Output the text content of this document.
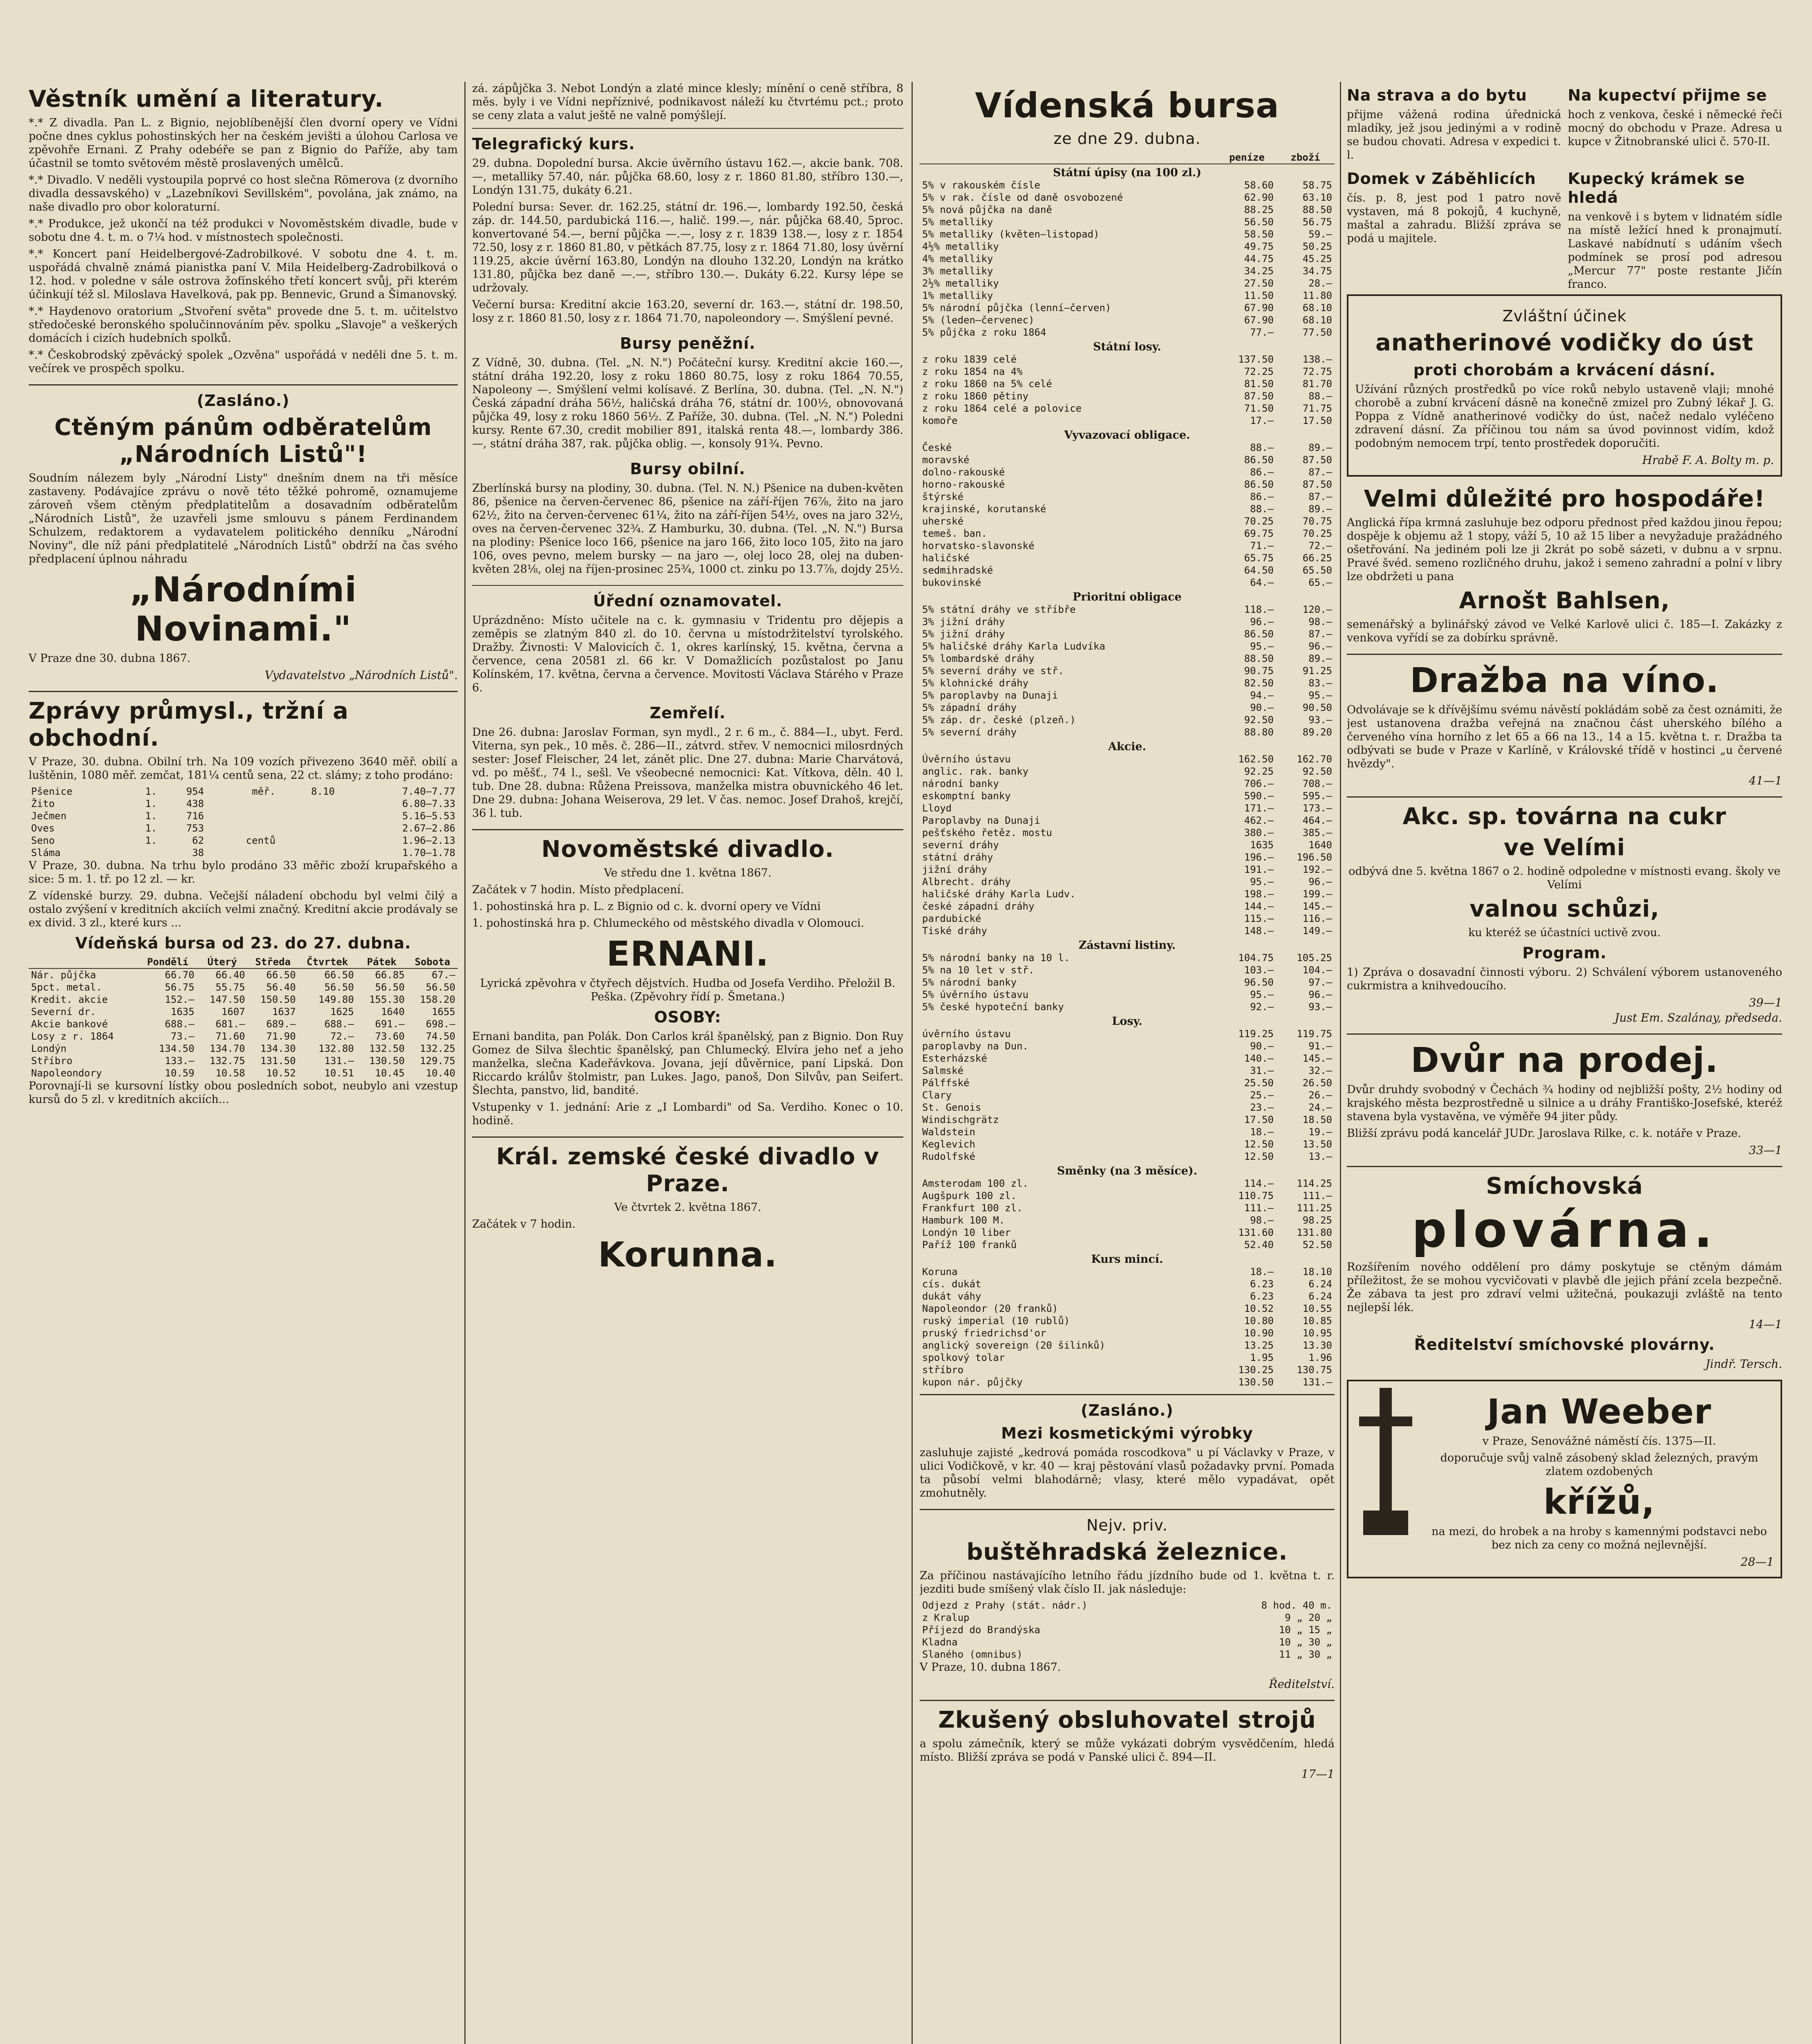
Věstník umění a literatury.

*.* Z divadla. Pan L. z Bignio, nejoblíbenější člen dvorní opery ve Vídni počne dnes cyklus pohostinských her na českém jevišti a úlohou Carlosa ve zpěvohře Ernani. Z Prahy odebéře se pan z Bignio do Paříže, aby tam účastnil se tomto světovém městě proslavených umělců.

*.* Divadlo. V neděli vystoupila poprvé co host slečna Römerova (z dvorního divadla dessavského) v „Lazebníkovi Sevillském", povolána, jak známo, na naše divadlo pro obor koloraturní.

*.* Produkce, jež ukončí na též produkci v Novoměstském divadle, bude v sobotu dne 4. t. m. o 7¼ hod. v místnostech společnosti.

*.* Koncert paní Heidelbergové-Zadrobilkové. V sobotu dne 4. t. m. uspořádá chvalně známá pianistka paní V. Mila Heidelberg-Zadrobilková o 12. hod. v poledne v sále ostrova žofínského třetí koncert svůj, při kterém účinkují též sl. Miloslava Havelková, pak pp. Bennevic, Grund a Šimanovský.

*.* Haydenovo oratorium „Stvoření světa" provede dne 5. t. m. učitelstvo středočeské beronského spolučinnováním pěv. spolku „Slavoje" a veškerých domácích i cizích hudebních spolků.

*.* Českobrodský zpěvácký spolek „Ozvěna" uspořádá v neděli dne 5. t. m. večírek ve prospěch spolku.

(Zasláno.)
Ctěným pánům odběratelům „Národních Listů"!

Soudním nálezem byly „Národní Listy" dnešním dnem na tři měsíce zastaveny. Podávajíce zprávu o nově této těžké pohromě, oznamujeme zároveň všem ctěným předplatitelům a dosavadním odběratelům „Národních Listů", že uzavřeli jsme smlouvu s pánem Ferdinandem Schulzem, redaktorem a vydavatelem politického denníku „Národní Noviny", dle níž páni předplatitelé „Národních Listů" obdrží na čas svého předplacení úplnou náhradu

„Národními Novinami."

V Praze dne 30. dubna 1867.

Vydavatelstvo „Národních Listů".
Zprávy průmysl., tržní a obchodní.

V Praze, 30. dubna. Obilní trh. Na 109 vozích přivezeno 3640 měř. obilí a luštěnin, 1080 měř. zemčat, 181¼ centů sena, 22 ct. slámy; z toho prodáno:

Pšenice	1.	954	měř.	8.10	7.40—7.77
Žito	1.	438			6.80—7.33
Ječmen	1.	716			5.16—5.53
Oves	1.	753			2.67—2.86
Seno	1.	62	centů		1.96—2.13
Sláma		38			1.70—1.78

V Praze, 30. dubna. Na trhu bylo prodáno 33 měřic zboží krupařského a sice: 5 m. 1. tř. po 12 zl. — kr.

Z vídenské burzy. 29. dubna. Večejší náladení obchodu byl velmi čilý a ostalo zvýšení v kreditních akciích velmi značný. Kreditní akcie prodávaly se ex divid. 3 zl., které kurs ...

Vídeňská bursa od 23. do 27. dubna.
	Pondělí	Úterý	Středa	Čtvrtek	Pátek	Sobota
Nár. půjčka	66.70	66.40	66.50	66.50	66.85	67.—
5pct. metal.	56.75	55.75	56.40	56.50	56.50	56.50
Kredit. akcie	152.—	147.50	150.50	149.80	155.30	158.20
Severní dr.	1635	1607	1637	1625	1640	1655
Akcie bankové	688.—	681.—	689.—	688.—	691.—	698.—
Losy z r. 1864	73.—	71.60	71.90	72.—	73.60	74.50
Londýn	134.50	134.70	134.30	132.80	132.50	132.25
Stříbro	133.—	132.75	131.50	131.—	130.50	129.75
Napoleondory	10.59	10.58	10.52	10.51	10.45	10.40

Porovnají-li se kursovní lístky obou posledních sobot, neubylo ani vzestup kursů do 5 zl. v kreditních akciích...

zá. zápůjčka 3. Nebot Londýn a zlaté mince klesly; mínění o ceně stříbra, 8 měs. byly i ve Vídni nepříznivé, podnikavost náleží ku čtvrtému pct.; proto se ceny zlata a valut ještě ne valně pomýšlejí.

Telegrafický kurs.

29. dubna. Dopolední bursa. Akcie úvěrního ústavu 162.—, akcie bank. 708.—, metalliky 57.40, nár. půjčka 68.60, losy z r. 1860 81.80, stříbro 130.—, Londýn 131.75, dukáty 6.21.

Polední bursa: Sever. dr. 162.25, státní dr. 196.—, lombardy 192.50, česká záp. dr. 144.50, pardubická 116.—, halič. 199.—, nár. půjčka 68.40, 5proc. konvertované 54.—, berní půjčka —.—, losy z r. 1839 138.—, losy z r. 1854 72.50, losy z r. 1860 81.80, v pětkách 87.75, losy z r. 1864 71.80, losy úvěrní 119.25, akcie úvěrní 163.80, Londýn na dlouho 132.20, Londýn na krátko 131.80, půjčka bez daně —.—, stříbro 130.—. Dukáty 6.22. Kursy lépe se udržovaly.

Večerní bursa: Kreditní akcie 163.20, severní dr. 163.—, státní dr. 198.50, losy z r. 1860 81.50, losy z r. 1864 71.70, napoleondory —. Smýšlení pevné.

Bursy peněžní.

Z Vídně, 30. dubna. (Tel. „N. N.") Počáteční kursy. Kreditní akcie 160.—, státní dráha 192.20, losy z roku 1860 80.75, losy z roku 1864 70.55, Napoleony —. Smýšlení velmi kolísavé. Z Berlína, 30. dubna. (Tel. „N. N.") Česká západní dráha 56½, haličská dráha 76, státní dr. 100½, obnovovaná půjčka 49, losy z roku 1860 56½. Z Paříže, 30. dubna. (Tel. „N. N.") Poledni kursy. Rente 67.30, credit mobilier 891, italská renta 48.—, lombardy 386.—, státní dráha 387, rak. půjčka oblig. —, konsoly 91¾. Pevno.

Bursy obilní.

Zberlínská bursy na plodiny, 30. dubna. (Tel. N. N.) Pšenice na duben-květen 86, pšenice na červen-červenec 86, pšenice na září-říjen 76⅞, žito na jaro 62½, žito na červen-červenec 61¼, žito na září-říjen 54½, oves na jaro 32½, oves na červen-červenec 32¾. Z Hamburku, 30. dubna. (Tel. „N. N.") Bursa na plodiny: Pšenice loco 166, pšenice na jaro 166, žito loco 105, žito na jaro 106, oves pevno, melem bursky — na jaro —, olej loco 28, olej na duben-květen 28⅛, olej na říjen-prosinec 25¾, 1000 ct. zinku po 13.7⅞, dojdy 25½.

Úřední oznamovatel.

Uprázdněno: Místo učitele na c. k. gymnasiu v Tridentu pro dějepis a zeměpis se zlatným 840 zl. do 10. června u místodržitelství tyrolského. Dražby. Živnosti: V Malovicích č. 1, okres karlínský, 15. května, června a července, cena 20581 zl. 66 kr. V Domažlicích pozůstalost po Janu Kolínském, 17. května, června a července. Movitosti Václava Stárého v Praze 6.

Zemřelí.

Dne 26. dubna: Jaroslav Forman, syn mydl., 2 r. 6 m., č. 884—I., ubyt. Ferd. Viterna, syn pek., 10 měs. č. 286—II., zátvrd. střev. V nemocnici milosrdných sester: Josef Fleischer, 24 let, zánět plic. Dne 27. dubna: Marie Charvátová, vd. po měšť., 74 l., sešl. Ve všeobecné nemocnici: Kat. Vítkova, děln. 40 l. tub. Dne 28. dubna: Růžena Preissova, manželka mistra obuvnického 46 let. Dne 29. dubna: Johana Weiserova, 29 let. V čas. nemoc. Josef Drahoš, krejčí, 36 l. tub.

Novoměstské divadlo.

Ve středu dne 1. května 1867.

Začátek v 7 hodin. Místo předplacení.

1. pohostinská hra p. L. z Bignio od c. k. dvorní opery ve Vídni

1. pohostinská hra p. Chlumeckého od městského divadla v Olomouci.

ERNANI.

Lyrická zpěvohra v čtyřech dějstvích. Hudba od Josefa Verdiho. Přeložil B. Peška. (Zpěvohry řídí p. Šmetana.)

OSOBY:

Ernani bandita, pan Polák. Don Carlos král španělský, pan z Bignio. Don Ruy Gomez de Silva šlechtic španělský, pan Chlumecký. Elvíra jeho neť a jeho manželka, slečna Kadeřávkova. Jovana, její důvěrnice, paní Lipská. Don Riccardo králův štolmistr, pan Lukes. Jago, panoš, Don Silvův, pan Seifert. Šlechta, panstvo, lid, bandité.

Vstupenky v 1. jednání: Arie z „I Lombardi" od Sa. Verdiho. Konec o 10. hodině.

Král. zemské české divadlo v Praze.

Ve čtvrtek 2. května 1867.

Začátek v 7 hodin.

Korunna.
Vídenská bursa
ze dne 29. dubna.
	peníze	zboží
Státní úpisy (na 100 zl.)		
5% v rakouském čísle	58.60	58.75
5% v rak. čísle od daně osvobozené	62.90	63.10
5% nová půjčka na daně	88.25	88.50
5% metalliky	56.50	56.75
5% metalliky (květen—listopad)	58.50	59.—
4½% metalliky	49.75	50.25
4% metalliky	44.75	45.25
3% metalliky	34.25	34.75
2½% metalliky	27.50	28.—
1% metalliky	11.50	11.80
5% národní půjčka (lenní—červen)	67.90	68.10
5% (leden—červenec)	67.90	68.10
5% půjčka z roku 1864	77.—	77.50
Státní losy.		
z roku 1839 celé	137.50	138.—
z roku 1854 na 4%	72.25	72.75
z roku 1860 na 5% celé	81.50	81.70
z roku 1860 pětiny	87.50	88.—
z roku 1864 celé a polovice	71.50	71.75
komoře	17.—	17.50
Vyvazovací obligace.		
České	88.—	89.—
moravské	86.50	87.50
dolno-rakouské	86.—	87.—
horno-rakouské	86.50	87.50
štýrské	86.—	87.—
krajinské, korutanské	88.—	89.—
uherské	70.25	70.75
temeš. ban.	69.75	70.25
horvatsko-slavonské	71.—	72.—
haličské	65.75	66.25
sedmihradské	64.50	65.50
bukovinské	64.—	65.—
Prioritní obligace		
5% státní dráhy ve stříbře	118.—	120.—
3% jižní dráhy	96.—	98.—
5% jižní dráhy	86.50	87.—
5% haličské dráhy Karla Ludvíka	95.—	96.—
5% lombardské dráhy	88.50	89.—
5% severní dráhy ve stř.	90.75	91.25
5% klohnické dráhy	82.50	83.—
5% paroplavby na Dunaji	94.—	95.—
5% západní dráhy	90.—	90.50
5% záp. dr. české (plzeň.)	92.50	93.—
5% severní dráhy	88.80	89.20
Akcie.		
Úvěrního ústavu	162.50	162.70
anglic. rak. banky	92.25	92.50
národní banky	706.—	708.—
eskomptní banky	590.—	595.—
Lloyd	171.—	173.—
Paroplavby na Dunaji	462.—	464.—
pešťského řetěz. mostu	380.—	385.—
severní dráhy	1635	1640
státní dráhy	196.—	196.50
jižní dráhy	191.—	192.—
Albrecht. dráhy	95.—	96.—
haličské dráhy Karla Ludv.	198.—	199.—
české západní dráhy	144.—	145.—
pardubické	115.—	116.—
Tiské dráhy	148.—	149.—
Zástavní listiny.		
5% národní banky na 10 l.	104.75	105.25
5% na 10 let v stř.	103.—	104.—
5% národní banky	96.50	97.—
5% úvěrního ústavu	95.—	96.—
5% české hypoteční banky	92.—	93.—
Losy.		
úvěrního ústavu	119.25	119.75
paroplavby na Dun.	90.—	91.—
Esterházské	140.—	145.—
Salmské	31.—	32.—
Pálffské	25.50	26.50
Clary	25.—	26.—
St. Genois	23.—	24.—
Windischgrätz	17.50	18.50
Waldstein	18.—	19.—
Keglevich	12.50	13.50
Rudolfské	12.50	13.—
Směnky (na 3 měsíce).		
Amsterodam 100 zl.	114.—	114.25
Augšpurk 100 zl.	110.75	111.—
Frankfurt 100 zl.	111.—	111.25
Hamburk 100 M.	98.—	98.25
Londýn 10 liber	131.60	131.80
Paříž 100 franků	52.40	52.50
Kurs mincí.		
Koruna	18.—	18.10
cís. dukát	6.23	6.24
dukát váhy	6.23	6.24
Napoleondor (20 franků)	10.52	10.55
ruský imperial (10 rublů)	10.80	10.85
pruský friedrichsd'or	10.90	10.95
anglický sovereign (20 šilinků)	13.25	13.30
spolkový tolar	1.95	1.96
stříbro	130.25	130.75
kupon nár. půjčky	130.50	131.—
(Zasláno.)
Mezi kosmetickými výrobky

zasluhuje zajisté „kedrová pomáda roscodkova" u pí Václavky v Praze, v ulici Vodičkově, v kr. 40 — kraj pěstování vlasů požadavky první. Pomada ta působí velmi blahodárně; vlasy, které mělo vypadávat, opět zmohutněly.

Nejv. priv.
buštěhradská železnice.

Za příčinou nastávajícího letního řádu jízdního bude od 1. května t. r. jezditi bude smíšený vlak číslo II. jak následuje:

Odjezd z Prahy (stát. nádr.)	8 hod. 40 m.
z Kralup	9 „ 20 „
Příjezd do Brandýska	10 „ 15 „
Kladna	10 „ 30 „
Slaného (omnibus)	11 „ 30 „

V Praze, 10. dubna 1867.

Ředitelství.
Zkušený obsluhovatel strojů

a spolu zámečník, který se může vykázati dobrým vysvědčením, hledá místo. Bližší zpráva se podá v Panské ulici č. 894—II.

17—1
Na strava a do bytu

přijme vážená rodina úřednická mladíky, jež jsou jedinými a v rodině se budou chovati. Adresa v expedici t. l.

Na kupectví přijme se

hoch z venkova, české i německé řeči mocný do obchodu v Praze. Adresa u kupce v Žitnobranské ulici č. 570-II.

Domek v Záběhlicích

čís. p. 8, jest pod 1 patro nově vystaven, má 8 pokojů, 4 kuchyně, maštal a zahradu. Bližší zpráva se podá u majitele.

Kupecký krámek se hledá

na venkově i s bytem v lidnatém sídle na místě ležící hned k pronajmutí. Laskavé nabídnutí s udáním všech podmínek se prosí pod adresou „Mercur 77" poste restante Jičín franco.

Zvláštní účinek
anatherinové vodičky do úst
proti chorobám a krvácení dásní.

Užívání různých prostředků po více roků nebylo ustaveně vlaji; mnohé chorobě a zubní krvácení dásně na konečně zmizel pro Zubný lékař J. G. Poppa z Vídně anatherinové vodičky do úst, načež nedalo vyléčeno zdravení dásní. Za příčinou tou nám sa úvod povinnost vidím, kdož podobným nemocem trpí, tento prostředek doporučiti.

Hrabě F. A. Bolty m. p.
Velmi důležité pro hospodáře!

Anglická řípa krmná zasluhuje bez odporu přednost před každou jinou řepou; dospěje k objemu až 1 stopy, váží 5, 10 až 15 liber a nevyžaduje pražádného ošetřování. Na jediném poli lze ji 2krát po sobě sázeti, v dubnu a v srpnu. Pravé švéd. semeno rozličného druhu, jakož i semeno zahradní a polní v libry lze obdržeti u pana

Arnošt Bahlsen,

semenářský a bylinářský závod ve Velké Karlově ulici č. 185—I. Zakázky z venkova vyřídí se za dobírku správně.

Dražba na víno.

Odvolávaje se k dřívějšímu svému návěstí pokládám sobě za čest oznámiti, že jest ustanovena dražba veřejná na značnou část uherského bílého a červeného vína horního z let 65 a 66 na 13., 14 a 15. května t. r. Dražba ta odbývati se bude v Praze v Karlíně, v Královské třídě v hostinci „u červené hvězdy".

41—1
Akc. sp. továrna na cukr
ve Velími

odbývá dne 5. května 1867 o 2. hodině odpoledne v místnosti evang. školy ve Velími

valnou schůzi,

ku kteréž se účastníci uctivě zvou.

Program.

1) Zpráva o dosavadní činnosti výboru. 2) Schválení výborem ustanoveného cukrmistra a knihvedoucího.

39—1
Just Em. Szalánay, předseda.
Dvůr na prodej.

Dvůr druhdy svobodný v Čechách ¾ hodiny od nejbližší pošty, 2½ hodiny od krajského města bezprostředně u silnice a u dráhy Františko-Josefské, kteréž stavena byla vystavěna, ve výměře 94 jiter půdy.

Bližší zprávu podá kancelář JUDr. Jaroslava Rilke, c. k. notáře v Praze.

33—1
Smíchovská
plovárna.

Rozšířením nového oddělení pro dámy poskytuje se ctěným dámám příležitost, že se mohou vycvičovati v plavbě dle jejich přání zcela bezpečně. Že zábava ta jest pro zdraví velmi užitečná, poukazuji zvláště na tento nejlepší lék.

14—1
Ředitelství smíchovské plovárny.
Jindř. Tersch.
Jan Weeber

v Praze, Senovážné náměstí čís. 1375—II.

doporučuje svůj valně zásobený sklad železných, pravým zlatem ozdobených

křížů,

na mezi, do hrobek a na hroby s kamennými podstavci nebo bez nich za ceny co možná nejlevnější.

28—1
